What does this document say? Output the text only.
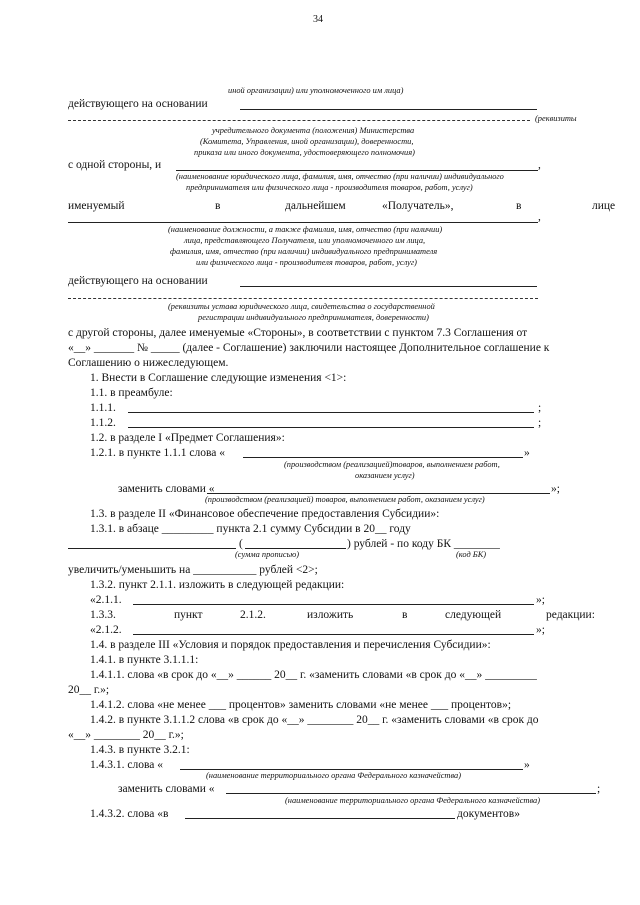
34
иной организации) или уполномоченного им лица)
действующего на основании
(реквизиты
учредительного документа (положения) Министерства
(Комитета, Управления, иной организации), доверенности,
приказа или иного документа, удостоверяющего полномочия)
с одной стороны, и	,
(наименование юридического лица, фамилия, имя, отчество (при наличии) индивидуального
предпринимателя или физического лица - производителя товаров, работ, услуг)
именуемый	в	дальнейшем	«Получатель»,	в	лице
,
(наименование должности, а также фамилия, имя, отчество (при наличии)
лица, представляющего Получателя, или уполномоченного им лица,
фамилия, имя, отчество (при наличии) индивидуального предпринимателя
или физического лица - производителя товаров, работ, услуг)
действующего на основании
(реквизиты устава юридического лица, свидетельства о государственной
регистрации индивидуального предпринимателя, доверенности)
с другой стороны, далее именуемые «Стороны», в соответствии с пунктом 7.3 Соглашения от
«__» _______ № _____ (далее - Соглашение) заключили настоящее Дополнительное соглашение к
Соглашению о нижеследующем.
1. Внести в Соглашение следующие изменения <1>:
1.1. в преамбуле:
1.1.1.	;
1.1.2.	;
1.2. в разделе I «Предмет Соглашения»:
1.2.1. в пункте 1.1.1 слова «	»
(производством (реализацией)товаров, выполнением работ,
оказанием услуг)
заменить словами «	»;
(производством (реализацией) товаров, выполнением работ, оказанием услуг)
1.3. в разделе II «Финансовое обеспечение предоставления Субсидии»:
1.3.1. в абзаце _________ пункта 2.1 сумму Субсидии в 20__ году
(	) рублей - по коду БК ________
(сумма прописью)	(код БК)
увеличить/уменьшить на ___________ рублей <2>;
1.3.2. пункт 2.1.1. изложить в следующей редакции:
«2.1.1.	»;
1.3.3.	пункт	2.1.2.	изложить	в	следующей	редакции:
«2.1.2.	»;
1.4. в разделе III «Условия и порядок предоставления и перечисления Субсидии»:
1.4.1. в пункте 3.1.1.1:
1.4.1.1. слова «в срок до «__» ______ 20__ г. «заменить словами «в срок до «__» _________
20__ г.»;
1.4.1.2. слова «не менее ___ процентов» заменить словами «не менее ___ процентов»;
1.4.2. в пункте 3.1.1.2 слова «в срок до «__» ________ 20__ г. «заменить словами «в срок до
«__» ________ 20__ г.»;
1.4.3. в пункте 3.2.1:
1.4.3.1. слова «	»
(наименование территориального органа Федерального казначейства)
заменить словами «	;
(наименование территориального органа Федерального казначейства)
1.4.3.2. слова «в	документов»
